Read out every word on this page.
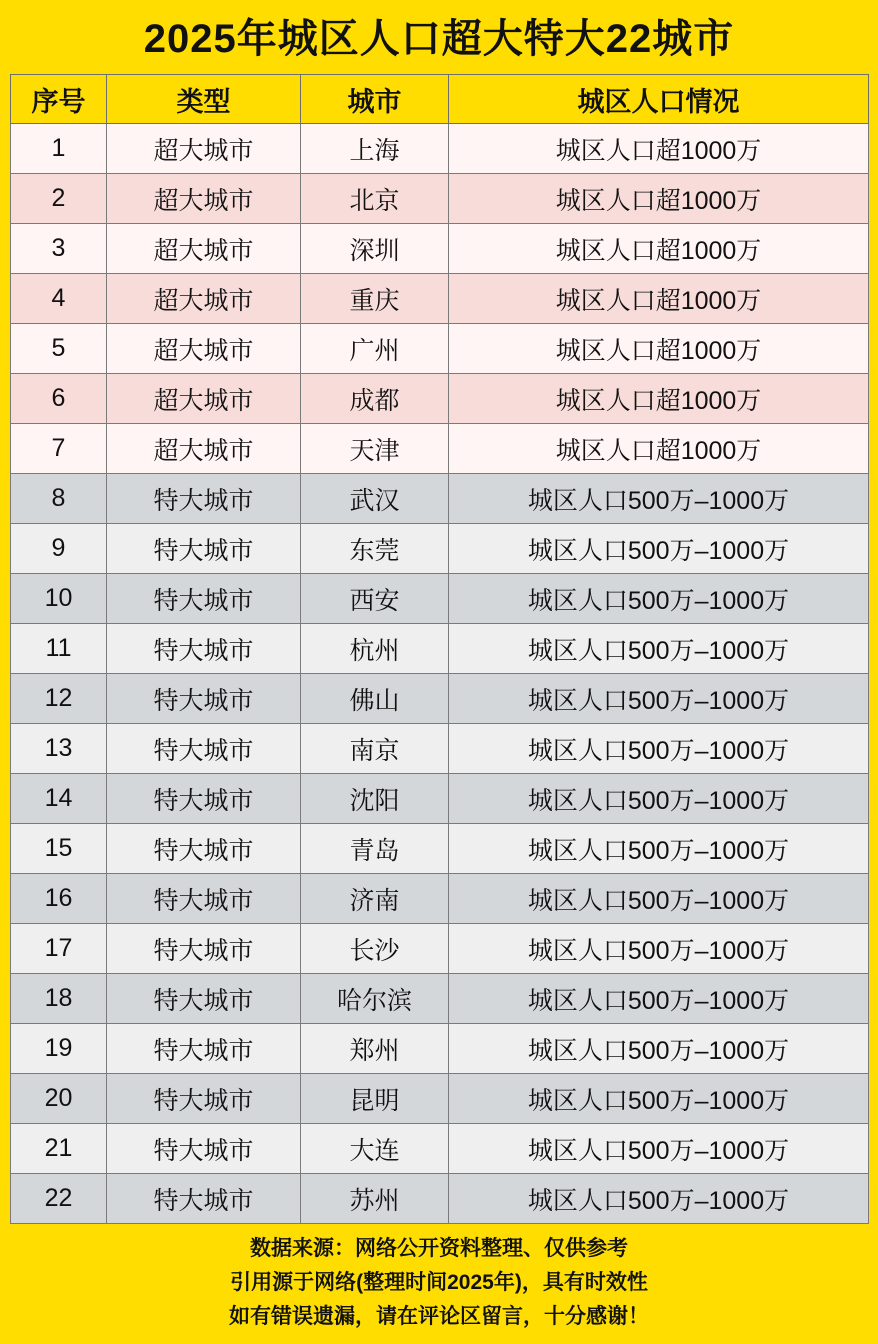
2025年城区人口超大特大22城市
序号	类型	城市	城区人口情况
1	超大城市	上海	城区人口超1000万
2	超大城市	北京	城区人口超1000万
3	超大城市	深圳	城区人口超1000万
4	超大城市	重庆	城区人口超1000万
5	超大城市	广州	城区人口超1000万
6	超大城市	成都	城区人口超1000万
7	超大城市	天津	城区人口超1000万
8	特大城市	武汉	城区人口500万–1000万
9	特大城市	东莞	城区人口500万–1000万
10	特大城市	西安	城区人口500万–1000万
11	特大城市	杭州	城区人口500万–1000万
12	特大城市	佛山	城区人口500万–1000万
13	特大城市	南京	城区人口500万–1000万
14	特大城市	沈阳	城区人口500万–1000万
15	特大城市	青岛	城区人口500万–1000万
16	特大城市	济南	城区人口500万–1000万
17	特大城市	长沙	城区人口500万–1000万
18	特大城市	哈尔滨	城区人口500万–1000万
19	特大城市	郑州	城区人口500万–1000万
20	特大城市	昆明	城区人口500万–1000万
21	特大城市	大连	城区人口500万–1000万
22	特大城市	苏州	城区人口500万–1000万
数据来源：网络公开资料整理、仅供参考
引用源于网络(整理时间2025年)，具有时效性
如有错误遗漏，请在评论区留言，十分感谢！
